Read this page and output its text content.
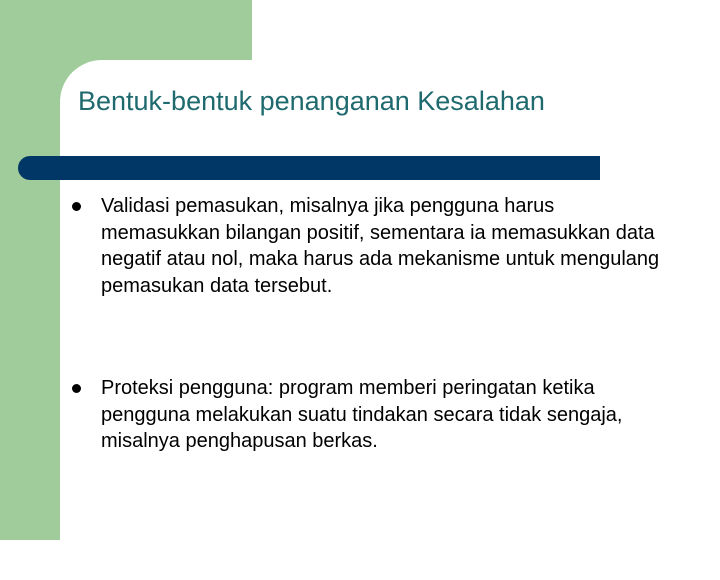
Bentuk-bentuk penanganan Kesalahan

Validasi pemasukan, misalnya jika pengguna harus memasukkan bilangan positif, sementara ia memasukkan data negatif atau nol, maka harus ada mekanisme untuk mengulang pemasukan data tersebut.

Proteksi pengguna: program memberi peringatan ketika pengguna melakukan suatu tindakan secara tidak sengaja, misalnya penghapusan berkas.
